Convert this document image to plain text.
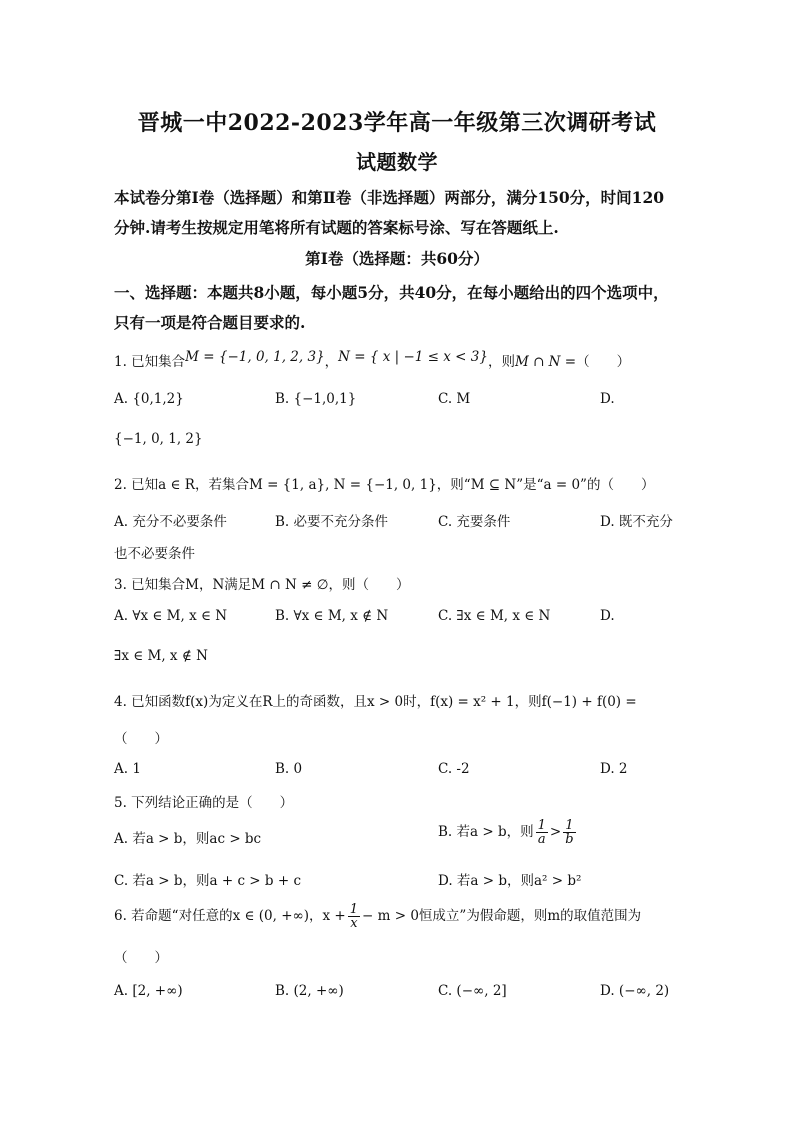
晋城一中2022-2023学年高一年级第三次调研考试
试题数学
本试卷分第Ⅰ卷（选择题）和第Ⅱ卷（非选择题）两部分，满分150分，时间120
分钟.请考生按规定用笔将所有试题的答案标号涂、写在答题纸上.
第Ⅰ卷（选择题：共60分）
一、选择题：本题共8小题，每小题5分，共40分，在每小题给出的四个选项中，
只有一项是符合题目要求的.
1. 已知集合M = {−1, 0, 1, 2, 3}，N = { x | −1 ≤ x < 3}，则M ∩ N =（　　）
A. {0,1,2}	B. {−1,0,1}	C. M	D.
{−1, 0, 1, 2}
2. 已知a ∈ R，若集合M = {1, a}, N = {−1, 0, 1}，则“M ⊆ N”是“a = 0”的（　　）
A. 充分不必要条件	B. 必要不充分条件	C. 充要条件	D. 既不充分
也不必要条件
3. 已知集合M，N满足M ∩ N ≠ ∅，则（　　）
A. ∀x ∈ M, x ∈ N	B. ∀x ∈ M, x ∉ N	C. ∃x ∈ M, x ∈ N	D.
∃x ∈ M, x ∉ N
4. 已知函数f(x)为定义在R上的奇函数，且x > 0时，f(x) = x² + 1，则f(−1) + f(0) =
（　　）
A. 1	B. 0	C. -2	D. 2
5. 下列结论正确的是（　　）
A. 若a > b，则ac > bc	B. 若a > b，则 $\frac{1}{a} > \frac{1}{b}$
C. 若a > b，则a + c > b + c	D. 若a > b，则a² > b²
6. 若命题“对任意的x ∈ (0, +∞)，$x + \frac{1}{x} - m > 0$恒成立”为假命题，则m的取值范围为
（　　）
A. [2, +∞)	B. (2, +∞)	C. (−∞, 2]	D. (−∞, 2)
